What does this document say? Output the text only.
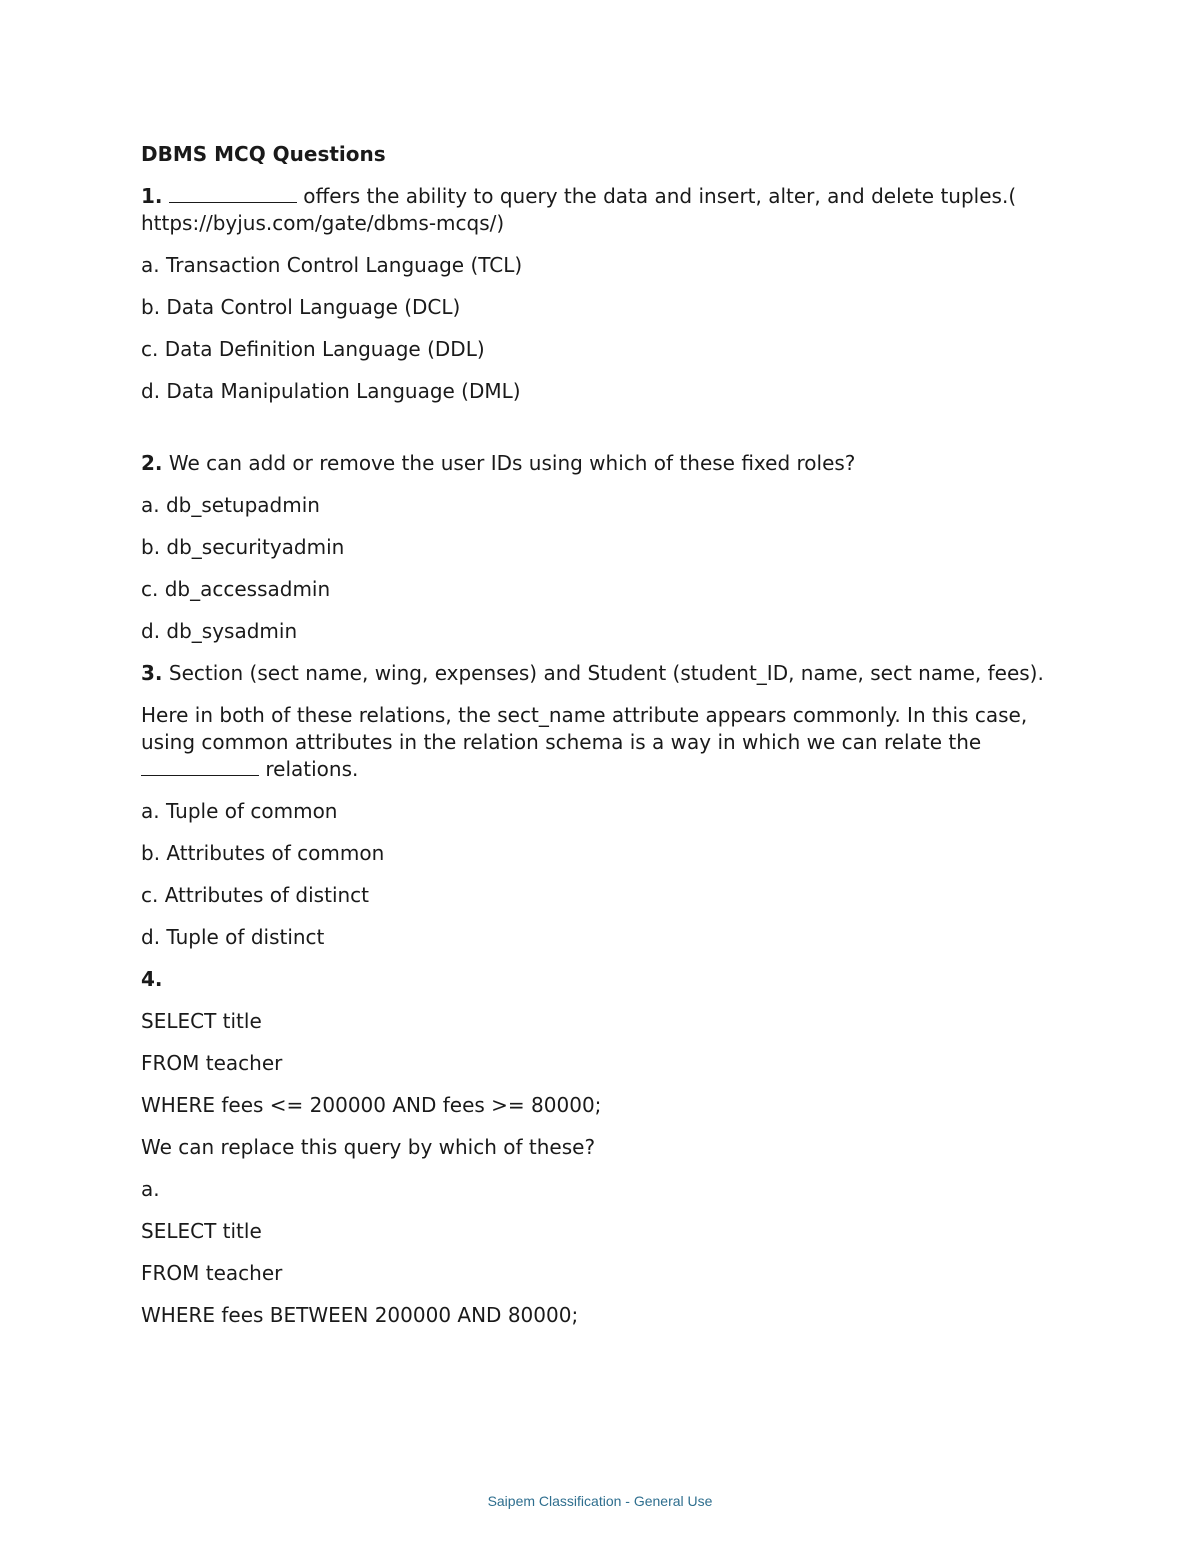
DBMS MCQ Questions
1.	offers the ability to query the data and insert, alter, and delete tuples.( https://byjus.com/gate/dbms-mcqs/)
a. Transaction Control Language (TCL)
b. Data Control Language (DCL)
c. Data Definition Language (DDL)
d. Data Manipulation Language (DML)
2. We can add or remove the user IDs using which of these fixed roles?
a. db_setupadmin
b. db_securityadmin
c. db_accessadmin
d. db_sysadmin
3. Section (sect name, wing, expenses) and Student (student_ID, name, sect name, fees).
Here in both of these relations, the sect_name attribute appears commonly. In this case, using common attributes in the relation schema is a way in which we can relate the  relations.
a. Tuple of common
b. Attributes of common
c. Attributes of distinct
d. Tuple of distinct
4.
SELECT title
FROM teacher
WHERE fees <= 200000 AND fees >= 80000;
We can replace this query by which of these?
a.
SELECT title
FROM teacher
WHERE fees BETWEEN 200000 AND 80000;
Saipem Classification - General Use
